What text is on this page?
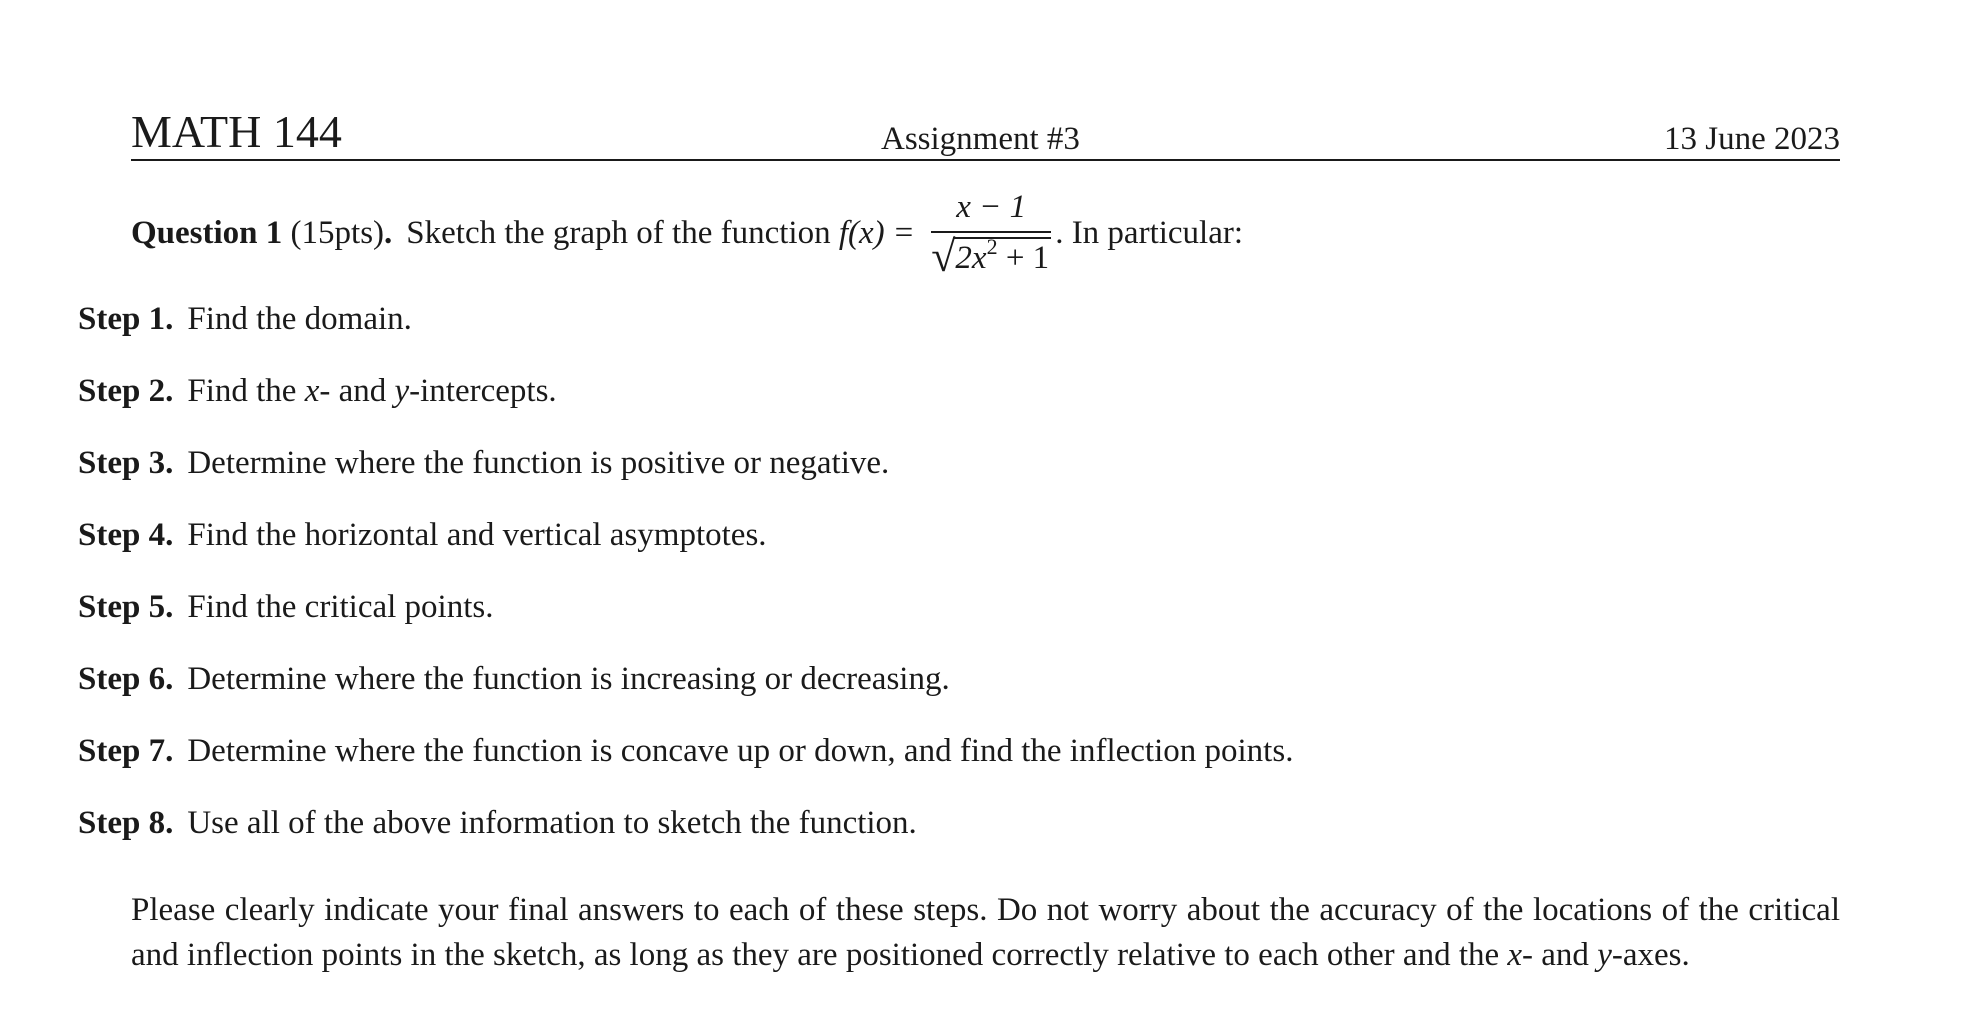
MATH 144	Assignment #3	13 June 2023
Question 1
(15pts) . Sketch the graph of the function
$f(x) = \frac{x - 1}{√ 2x^2 + 1}$ . In particular:
Step 1. Find the domain.
Step 2. Find the x- and y-intercepts.
Step 3. Determine where the function is positive or negative.
Step 4. Find the horizontal and vertical asymptotes.
Step 5. Find the critical points.
Step 6. Determine where the function is increasing or decreasing.
Step 7. Determine where the function is concave up or down, and find the inflection points.
Step 8. Use all of the above information to sketch the function.
Please clearly indicate your final answers to each of these steps. Do not worry about the accuracy of the locations of the critical and inflection points in the sketch, as long as they are positioned correctly relative to each other and the x- and y-axes.
